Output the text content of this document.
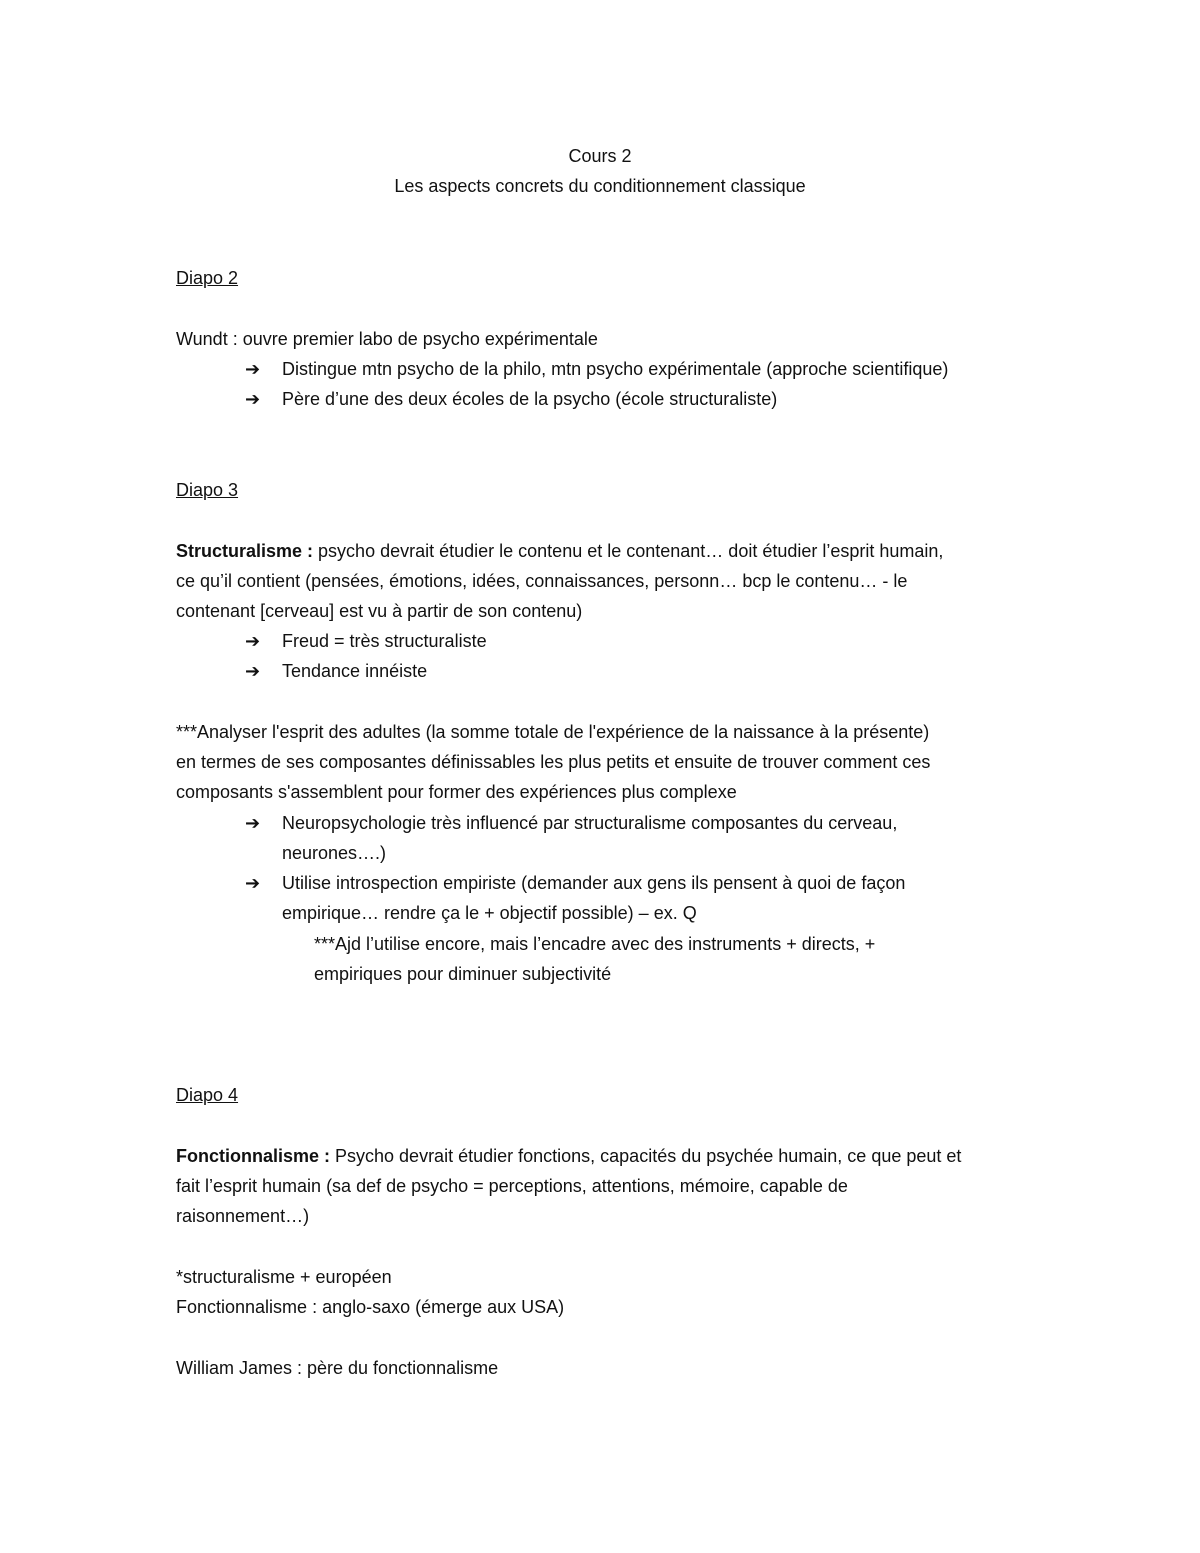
Cours 2
Les aspects concrets du conditionnement classique
Diapo 2
Wundt : ouvre premier labo de psycho expérimentale
➔ Distingue mtn psycho de la philo, mtn psycho expérimentale (approche scientifique)
➔ Père d’une des deux écoles de la psycho (école structuraliste)
Diapo 3
Structuralisme : psycho devrait étudier le contenu et le contenant… doit étudier l’esprit humain,
ce qu’il contient (pensées, émotions, idées, connaissances, personn… bcp le contenu… - le
contenant [cerveau] est vu à partir de son contenu)
➔ Freud = très structuraliste
➔ Tendance innéiste
***Analyser l'esprit des adultes (la somme totale de l'expérience de la naissance à la présente)
en termes de ses composantes définissables les plus petits et ensuite de trouver comment ces
composants s'assemblent pour former des expériences plus complexe
➔ Neuropsychologie très influencé par structuralisme composantes du cerveau,
neurones….)
➔ Utilise introspection empiriste (demander aux gens ils pensent à quoi de façon
empirique… rendre ça le + objectif possible) – ex. Q
***Ajd l’utilise encore, mais l’encadre avec des instruments + directs, +
empiriques pour diminuer subjectivité
Diapo 4
Fonctionnalisme : Psycho devrait étudier fonctions, capacités du psychée humain, ce que peut et
fait l’esprit humain (sa def de psycho = perceptions, attentions, mémoire, capable de
raisonnement…)
*structuralisme + européen
Fonctionnalisme : anglo-saxo (émerge aux USA)
William James : père du fonctionnalisme
